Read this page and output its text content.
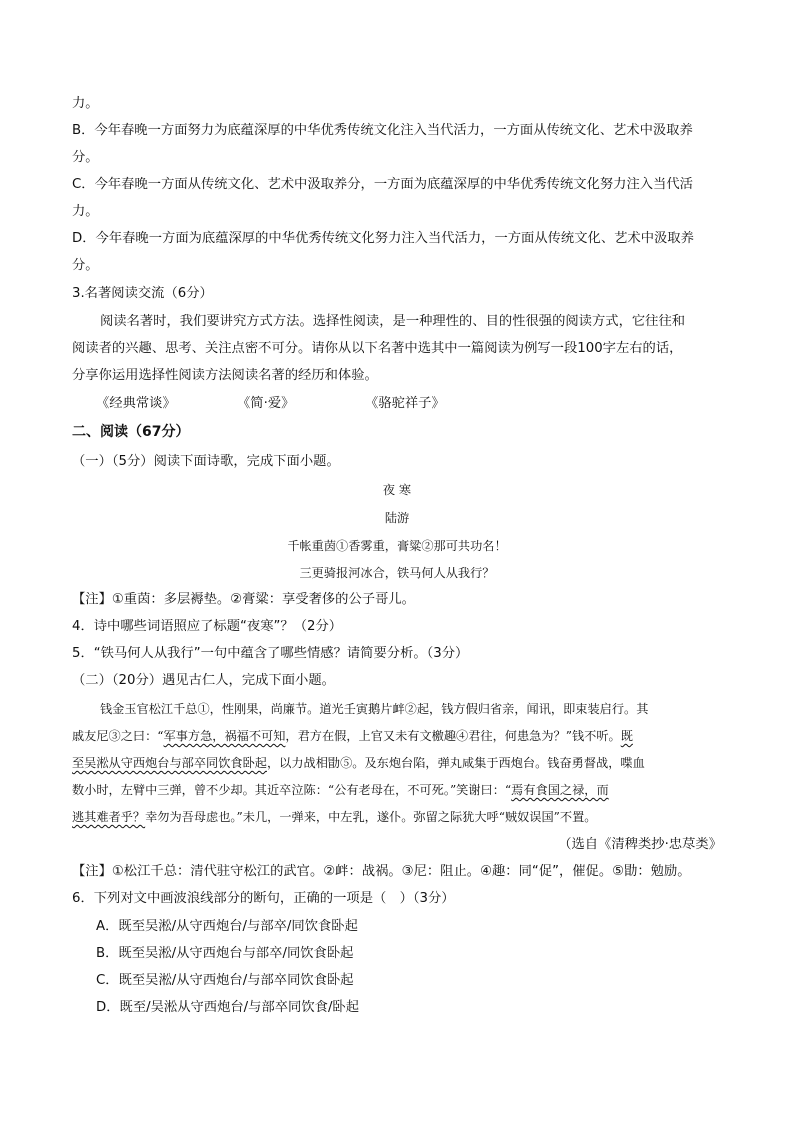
力。
B．今年春晚一方面努力为底蕴深厚的中华优秀传统文化注入当代活力，一方面从传统文化、艺术中汲取养
分。
C．今年春晚一方面从传统文化、艺术中汲取养分，一方面为底蕴深厚的中华优秀传统文化努力注入当代活
力。
D．今年春晚一方面为底蕴深厚的中华优秀传统文化努力注入当代活力，一方面从传统文化、艺术中汲取养
分。
3.名著阅读交流（6分）
阅读名著时，我们要讲究方式方法。选择性阅读，是一种理性的、目的性很强的阅读方式，它往往和
阅读者的兴趣、思考、关注点密不可分。请你从以下名著中选其中一篇阅读为例写一段100字左右的话，
分享你运用选择性阅读方法阅读名著的经历和体验。
《经典常谈》	《简·爱》	《骆驼祥子》
二、阅读（67分）
（一）（5分）阅读下面诗歌，完成下面小题。
夜 寒
陆游
千帐重茵①香雾重，膏粱②那可共功名！
三更骑报河冰合，铁马何人从我行？
【注】①重茵：多层褥垫。②膏粱：享受奢侈的公子哥儿。
4．诗中哪些词语照应了标题“夜寒”？（2分）
5．“铁马何人从我行”一句中蕴含了哪些情感？请简要分析。（3分）
（二）（20分）遇见古仁人，完成下面小题。
钱金玉官松江千总①，性刚果，尚廉节。道光壬寅鹅片衅②起，钱方假归省亲，闻讯，即束装启行。其
戚友尼③之曰：“军事方急，祸福不可知，君方在假，上官又未有文檄趣④君往，何患急为？”钱不听。既
至吴淞从守西炮台与部卒同饮食卧起，以力战相勖⑤。及东炮台陷，弹丸咸集于西炮台。钱奋勇督战，喋血
数小时，左臂中三弹，曾不少却。其近卒泣陈：“公有老母在，不可死。”笑谢曰：“焉有食国之禄，而
逃其难者乎？幸勿为吾母虑也。”未几，一弹来，中左乳，遂仆。弥留之际犹大呼“贼奴误国”不置。
（选自《清稗类抄·忠荩类》
【注】①松江千总：清代驻守松江的武官。②衅：战祸。③尼：阻止。④趣：同“促”，催促。⑤勖：勉励。
6．下列对文中画波浪线部分的断句，正确的一项是（　）（3分）
A．既至吴淞/从守西炮台/与部卒/同饮食卧起
B．既至吴淞/从守西炮台与部卒/同饮食卧起
C．既至吴淞/从守西炮台/与部卒同饮食卧起
D．既至/吴淞从守西炮台/与部卒同饮食/卧起
